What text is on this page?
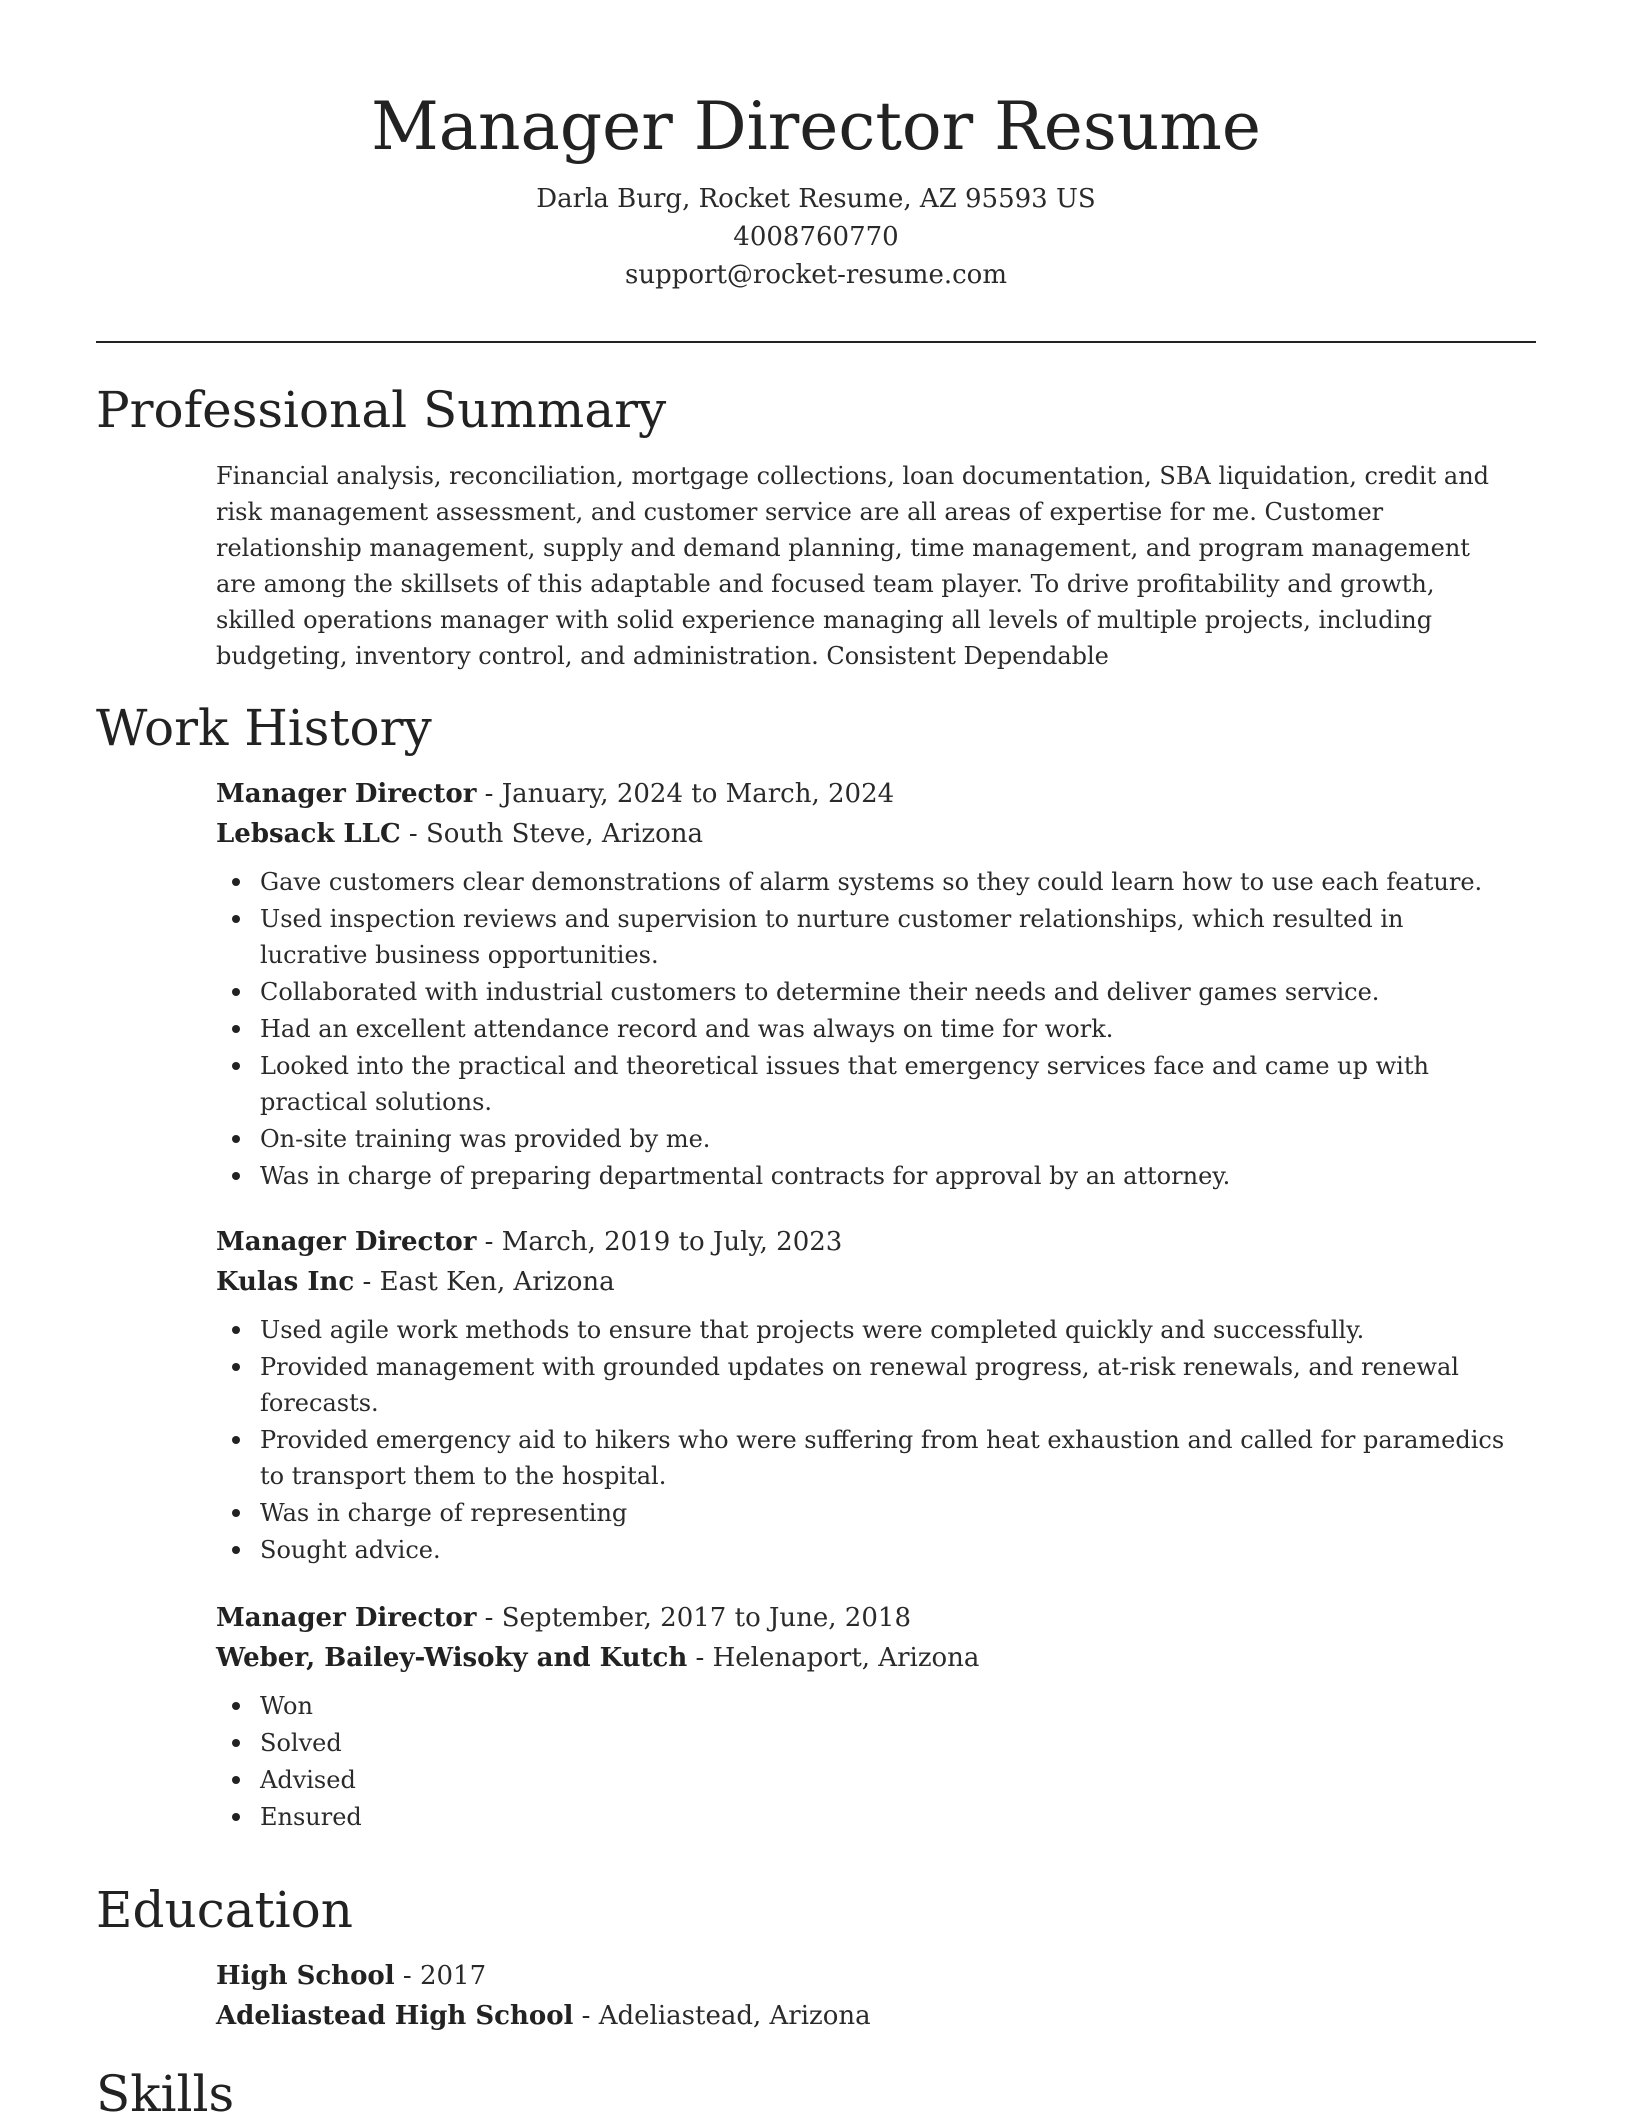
Manager Director Resume
Darla Burg, Rocket Resume, AZ 95593 US
4008760770
support@rocket-resume.com
Professional Summary

Financial analysis, reconciliation, mortgage collections, loan documentation, SBA liquidation, credit and risk management assessment, and customer service are all areas of expertise for me. Customer relationship management, supply and demand planning, time management, and program management are among the skillsets of this adaptable and focused team player. To drive profitability and growth, skilled operations manager with solid experience managing all levels of multiple projects, including budgeting, inventory control, and administration. Consistent Dependable

Work History
Manager Director - January, 2024 to March, 2024
Lebsack LLC - South Steve, Arizona
Gave customers clear demonstrations of alarm systems so they could learn how to use each feature.
Used inspection reviews and supervision to nurture customer relationships, which resulted in lucrative business opportunities.
Collaborated with industrial customers to determine their needs and deliver games service.
Had an excellent attendance record and was always on time for work.
Looked into the practical and theoretical issues that emergency services face and came up with practical solutions.
On-site training was provided by me.
Was in charge of preparing departmental contracts for approval by an attorney.
Manager Director - March, 2019 to July, 2023
Kulas Inc - East Ken, Arizona
Used agile work methods to ensure that projects were completed quickly and successfully.
Provided management with grounded updates on renewal progress, at-risk renewals, and renewal forecasts.
Provided emergency aid to hikers who were suffering from heat exhaustion and called for paramedics to transport them to the hospital.
Was in charge of representing
Sought advice.
Manager Director - September, 2017 to June, 2018
Weber, Bailey-Wisoky and Kutch - Helenaport, Arizona
Won
Solved
Advised
Ensured
Education
High School - 2017
Adeliastead High School - Adeliastead, Arizona
Skills
